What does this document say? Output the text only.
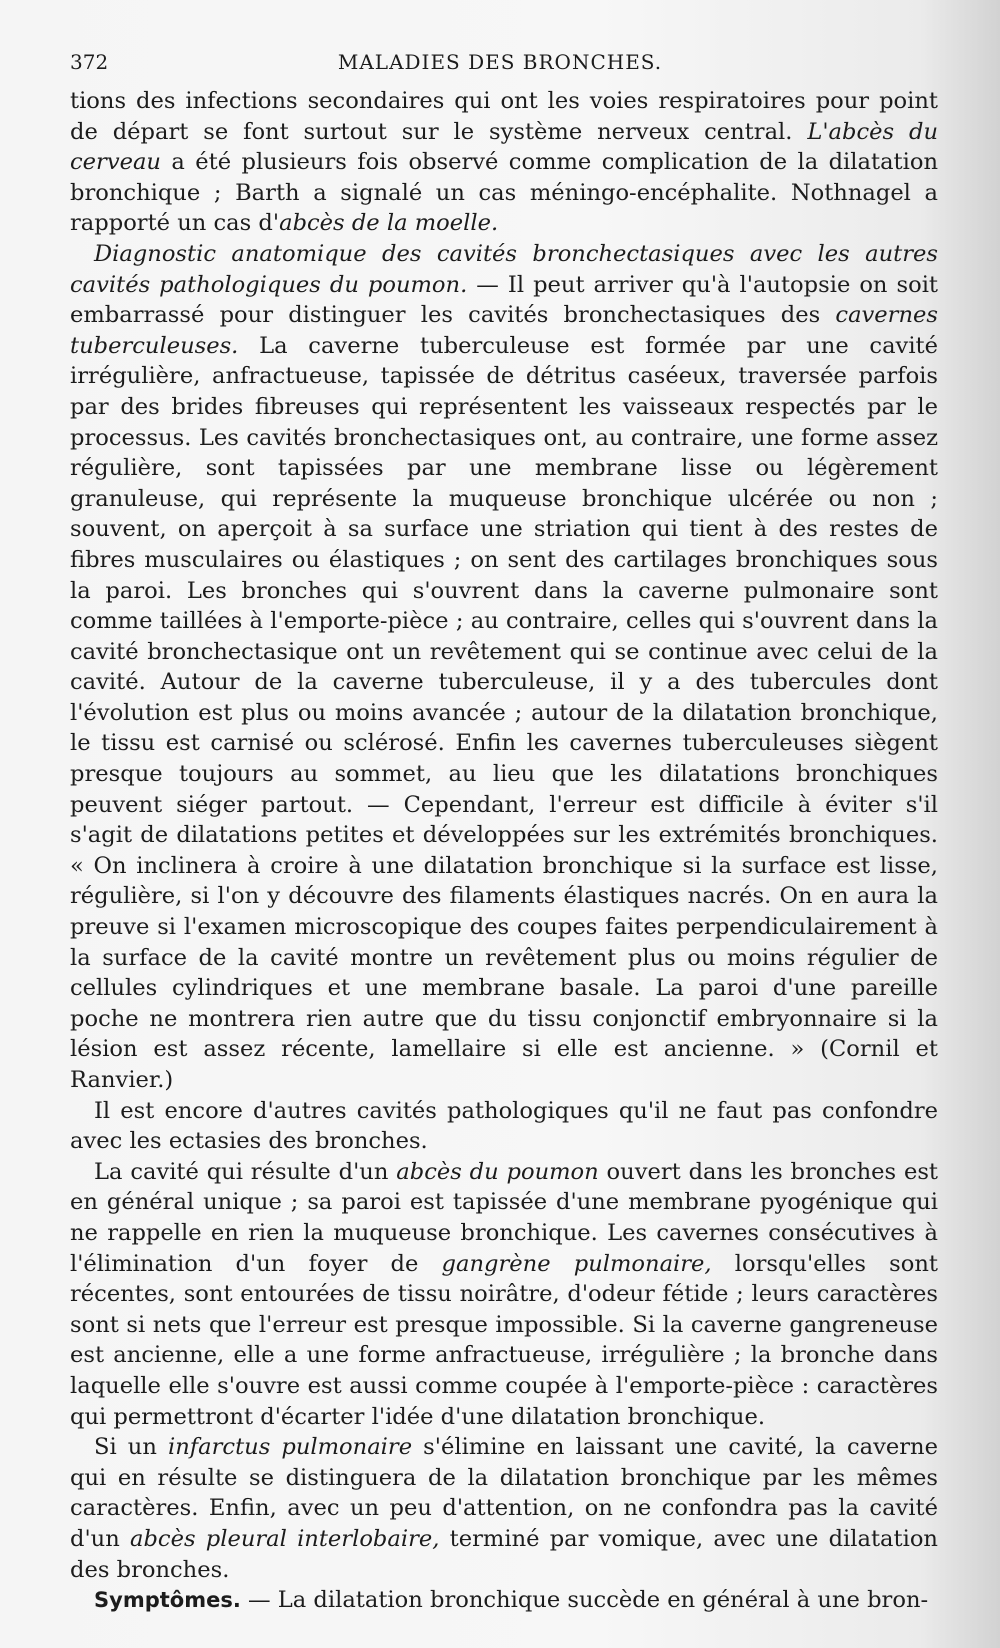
372	MALADIES DES BRONCHES.

tions des infections secondaires qui ont les voies respiratoires pour point de départ se font surtout sur le système nerveux central. L'abcès du cerveau a été plusieurs fois observé comme complication de la dilatation bronchique ; Barth a signalé un cas méningo-encéphalite. Nothnagel a rapporté un cas d'abcès de la moelle.

Diagnostic anatomique des cavités bronchectasiques avec les autres cavités pathologiques du poumon. — Il peut arriver qu'à l'autopsie on soit embarrassé pour distinguer les cavités bronchectasiques des cavernes tuberculeuses. La caverne tuberculeuse est formée par une cavité irrégulière, anfractueuse, tapissée de détritus caséeux, traversée parfois par des brides fibreuses qui représentent les vaisseaux respectés par le processus. Les cavités bronchectasiques ont, au contraire, une forme assez régulière, sont tapissées par une membrane lisse ou légèrement granuleuse, qui représente la muqueuse bronchique ulcérée ou non ; souvent, on aperçoit à sa surface une striation qui tient à des restes de fibres musculaires ou élastiques ; on sent des cartilages bronchiques sous la paroi. Les bronches qui s'ouvrent dans la caverne pulmonaire sont comme taillées à l'emporte-pièce ; au contraire, celles qui s'ouvrent dans la cavité bronchectasique ont un revêtement qui se continue avec celui de la cavité. Autour de la caverne tuberculeuse, il y a des tubercules dont l'évolution est plus ou moins avancée ; autour de la dilatation bronchique, le tissu est carnisé ou sclérosé. Enfin les cavernes tuberculeuses siègent presque toujours au sommet, au lieu que les dilatations bronchiques peuvent siéger partout. — Cependant, l'erreur est difficile à éviter s'il s'agit de dilatations petites et développées sur les extrémités bronchiques. « On inclinera à croire à une dilatation bronchique si la surface est lisse, régulière, si l'on y découvre des filaments élastiques nacrés. On en aura la preuve si l'examen microscopique des coupes faites perpendiculairement à la surface de la cavité montre un revêtement plus ou moins régulier de cellules cylindriques et une membrane basale. La paroi d'une pareille poche ne montrera rien autre que du tissu conjonctif embryonnaire si la lésion est assez récente, lamellaire si elle est ancienne. » (Cornil et Ranvier.)

Il est encore d'autres cavités pathologiques qu'il ne faut pas confondre avec les ectasies des bronches.

La cavité qui résulte d'un abcès du poumon ouvert dans les bronches est en général unique ; sa paroi est tapissée d'une membrane pyogénique qui ne rappelle en rien la muqueuse bronchique. Les cavernes consécutives à l'élimination d'un foyer de gangrène pulmonaire, lorsqu'elles sont récentes, sont entourées de tissu noirâtre, d'odeur fétide ; leurs caractères sont si nets que l'erreur est presque impossible. Si la caverne gangreneuse est ancienne, elle a une forme anfractueuse, irrégulière ; la bronche dans laquelle elle s'ouvre est aussi comme coupée à l'emporte-pièce : caractères qui permettront d'écarter l'idée d'une dilatation bronchique.

Si un infarctus pulmonaire s'élimine en laissant une cavité, la caverne qui en résulte se distinguera de la dilatation bronchique par les mêmes caractères. Enfin, avec un peu d'attention, on ne confondra pas la cavité d'un abcès pleural interlobaire, terminé par vomique, avec une dilatation des bronches.

Symptômes. — La dilatation bronchique succède en général à une bron-
